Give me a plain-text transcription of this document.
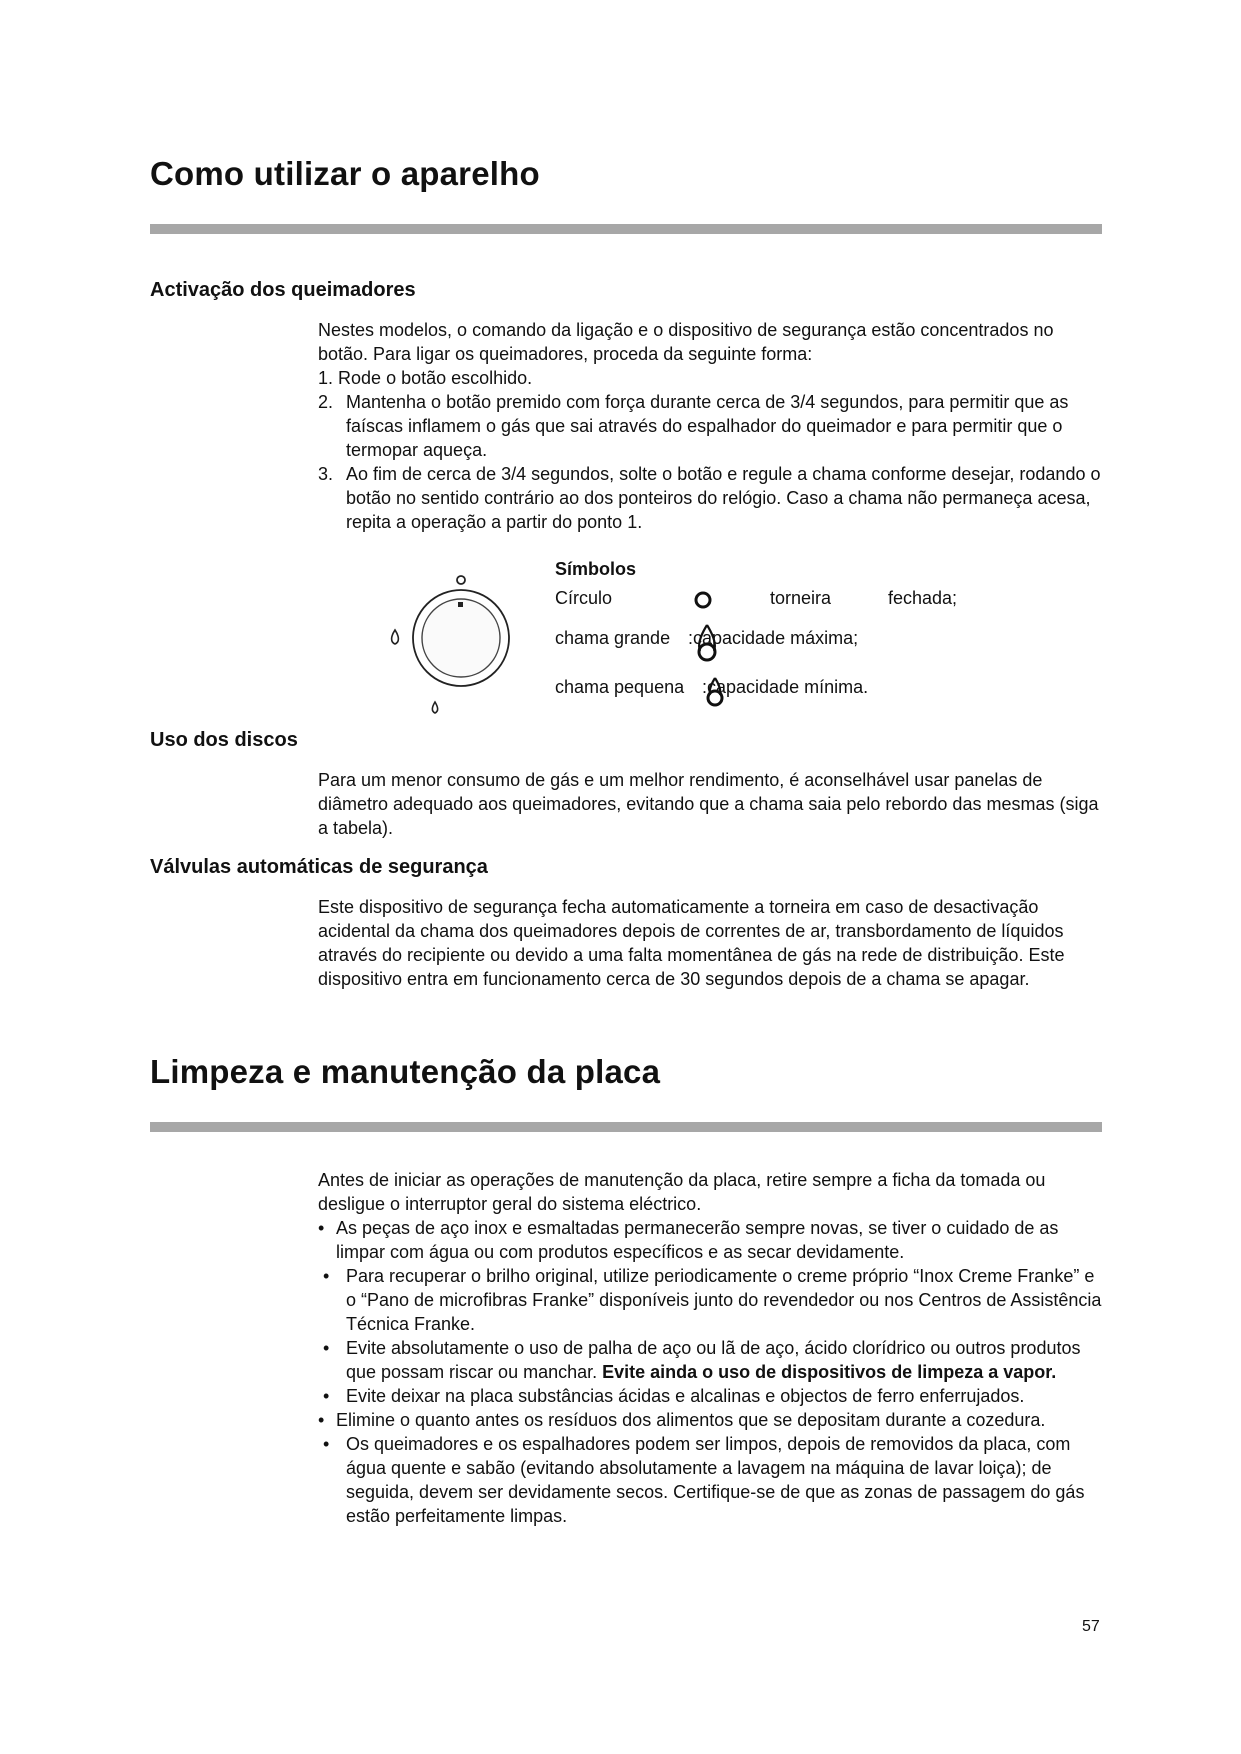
Como utilizar o aparelho
Activação dos queimadores

Nestes modelos, o comando da ligação e o dispositivo de segurança estão concentrados no botão. Para ligar os queimadores, proceda da seguinte forma:

1. Rode o botão escolhido.
2. Mantenha o botão premido com força durante cerca de 3/4 segundos, para permitir que as faíscas inflamem o gás que sai através do espalhador do queimador e para permitir que o termopar aqueça.
3. Ao fim de cerca de 3/4 segundos, solte o botão e regule a chama conforme desejar, rodando o botão no sentido contrário ao dos ponteiros do relógio. Caso a chama não permaneça acesa, repita a operação a partir do ponto 1.
Símbolos
Círculo	torneira	fechada;
chama grande :capacidade máxima;
chama pequena :capacidade mínima.
Uso dos discos

Para um menor consumo de gás e um melhor rendimento, é aconselhável usar panelas de diâmetro adequado aos queimadores, evitando que a chama saia pelo rebordo das mesmas (siga a tabela).

Válvulas automáticas de segurança

Este dispositivo de segurança fecha automaticamente a torneira em caso de desactivação acidental da chama dos queimadores depois de correntes de ar, transbordamento de líquidos através do recipiente ou devido a uma falta momentânea de gás na rede de distribuição. Este dispositivo entra em funcionamento cerca de 30 segundos depois de a chama se apagar.

Limpeza e manutenção da placa

Antes de iniciar as operações de manutenção da placa, retire sempre a ficha da tomada ou desligue o interruptor geral do sistema eléctrico.

• As peças de aço inox e esmaltadas permanecerão sempre novas, se tiver o cuidado de as limpar com água ou com produtos específicos e as secar devidamente.
• Para recuperar o brilho original, utilize periodicamente o creme próprio “Inox Creme Franke” e o “Pano de microfibras Franke” disponíveis junto do revendedor ou nos Centros de Assistência Técnica Franke.
• Evite absolutamente o uso de palha de aço ou lã de aço, ácido clorídrico ou outros produtos que possam riscar ou manchar. Evite ainda o uso de dispositivos de limpeza a vapor.
• Evite deixar na placa substâncias ácidas e alcalinas e objectos de ferro enferrujados.
• Elimine o quanto antes os resíduos dos alimentos que se depositam durante a cozedura.
• Os queimadores e os espalhadores podem ser limpos, depois de removidos da placa, com água quente e sabão (evitando absolutamente a lavagem na máquina de lavar loiça); de seguida, devem ser devidamente secos. Certifique-se de que as zonas de passagem do gás estão perfeitamente limpas.
57
